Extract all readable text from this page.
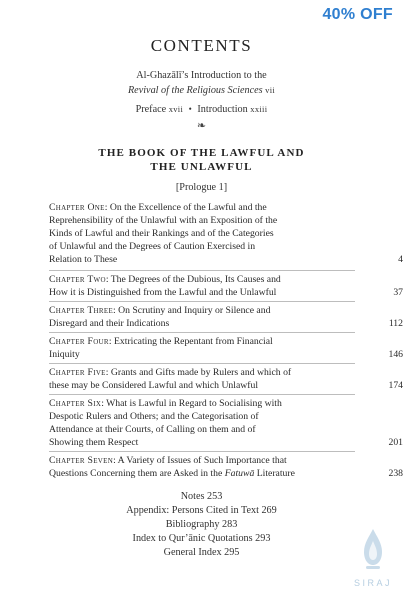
40% OFF
CONTENTS
Al-Ghazālī’s Introduction to the
Revival of the Religious Sciences vii
Preface xvii • Introduction xxiii
❧
THE BOOK OF THE LAWFUL AND
THE UNLAWFUL
[Prologue 1]
Chapter One: On the Excellence of the Lawful and the
Reprehensibility of the Unlawful with an Exposition of the
Kinds of Lawful and their Rankings and of the Categories
of Unlawful and the Degrees of Caution Exercised in
Relation to These	4
Chapter Two: The Degrees of the Dubious, Its Causes and
How it is Distinguished from the Lawful and the Unlawful	37
Chapter Three: On Scrutiny and Inquiry or Silence and
Disregard and their Indications	112
Chapter Four: Extricating the Repentant from Financial
Iniquity	146
Chapter Five: Grants and Gifts made by Rulers and which of
these may be Considered Lawful and which Unlawful	174
Chapter Six: What is Lawful in Regard to Socialising with
Despotic Rulers and Others; and the Categorisation of
Attendance at their Courts, of Calling on them and of
Showing them Respect	201
Chapter Seven: A Variety of Issues of Such Importance that
Questions Concerning them are Asked in the Fatuwā Literature	238
Notes 253
Appendix: Persons Cited in Text 269
Bibliography 283
Index to Qur’ānic Quotations 293
General Index 295
SIRAJ
